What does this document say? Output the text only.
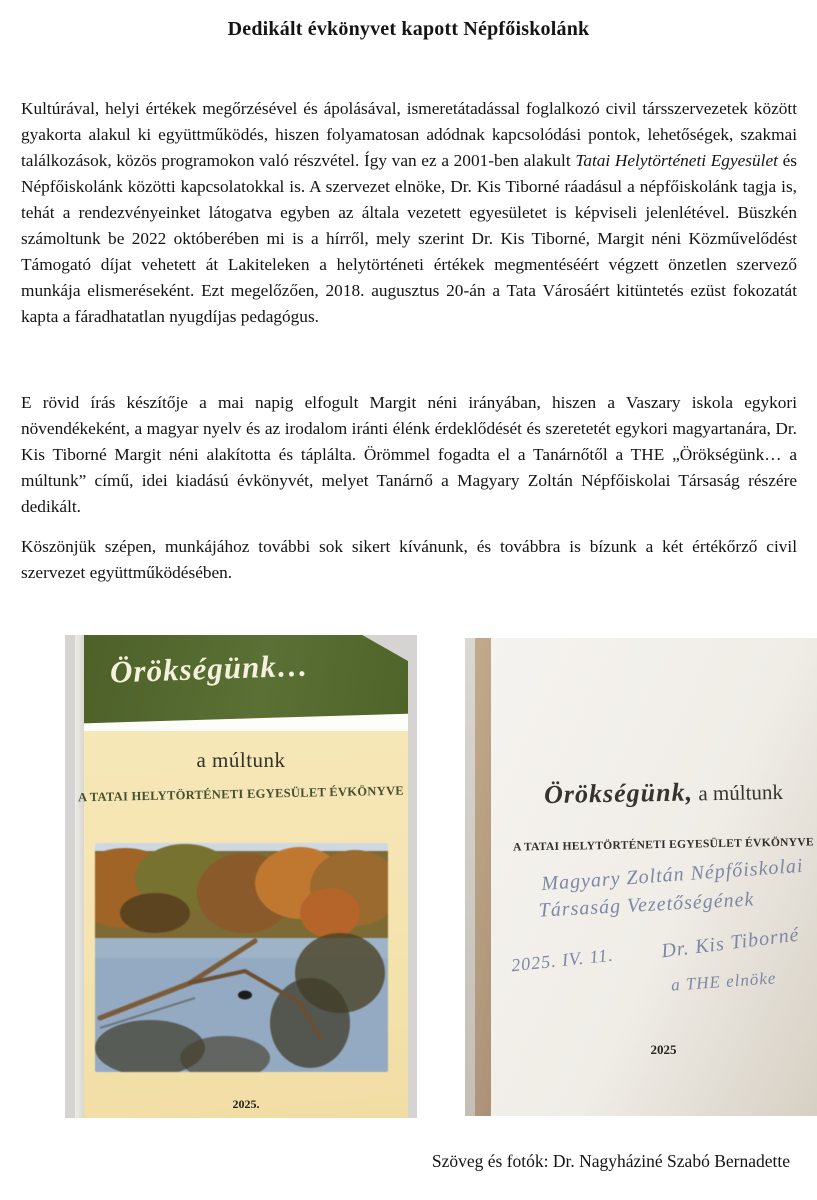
Dedikált évkönyvet kapott Népfőiskolánk

Kultúrával, helyi értékek megőrzésével és ápolásával, ismeretátadással foglalkozó civil társszervezetek között gyakorta alakul ki együttműködés, hiszen folyamatosan adódnak kapcsolódási pontok, lehetőségek, szakmai találkozások, közös programokon való részvétel. Így van ez a 2001-ben alakult Tatai Helytörténeti Egyesület és Népfőiskolánk közötti kapcsolatokkal is. A szervezet elnöke, Dr. Kis Tiborné ráadásul a népfőiskolánk tagja is, tehát a rendezvényeinket látogatva egyben az általa vezetett egyesületet is képviseli jelenlétével. Büszkén számoltunk be 2022 októberében mi is a hírről, mely szerint Dr. Kis Tiborné, Margit néni Közművelődést Támogató díjat vehetett át Lakiteleken a helytörténeti értékek megmentéséért végzett önzetlen szervező munkája elismeréseként. Ezt megelőzően, 2018. augusztus 20-án a Tata Városáért kitüntetés ezüst fokozatát kapta a fáradhatatlan nyugdíjas pedagógus.

E rövid írás készítője a mai napig elfogult Margit néni irányában, hiszen a Vaszary iskola egykori növendékeként, a magyar nyelv és az irodalom iránti élénk érdeklődését és szeretetét egykori magyartanára, Dr. Kis Tiborné Margit néni alakította és táplálta. Örömmel fogadta el a Tanárnőtől a THE „Örökségünk… a múltunk” című, idei kiadású évkönyvét, melyet Tanárnő a Magyary Zoltán Népfőiskolai Társaság részére dedikált.

Köszönjük szépen, munkájához további sok sikert kívánunk, és továbbra is bízunk a két értékőrző civil szervezet együttműködésében.

Örökségünk…

a múltunk

A TATAI HELYTÖRTÉNETI EGYESÜLET ÉVKÖNYVE

2025.

Örökségünk, a múltunk

A TATAI HELYTÖRTÉNETI EGYESÜLET ÉVKÖNYVE

Magyary Zoltán Népfőiskolai

Társaság Vezetőségének

2025. IV. 11. Dr. Kis Tiborné

a THE elnöke

2025

Szöveg és fotók: Dr. Nagyháziné Szabó Bernadette
